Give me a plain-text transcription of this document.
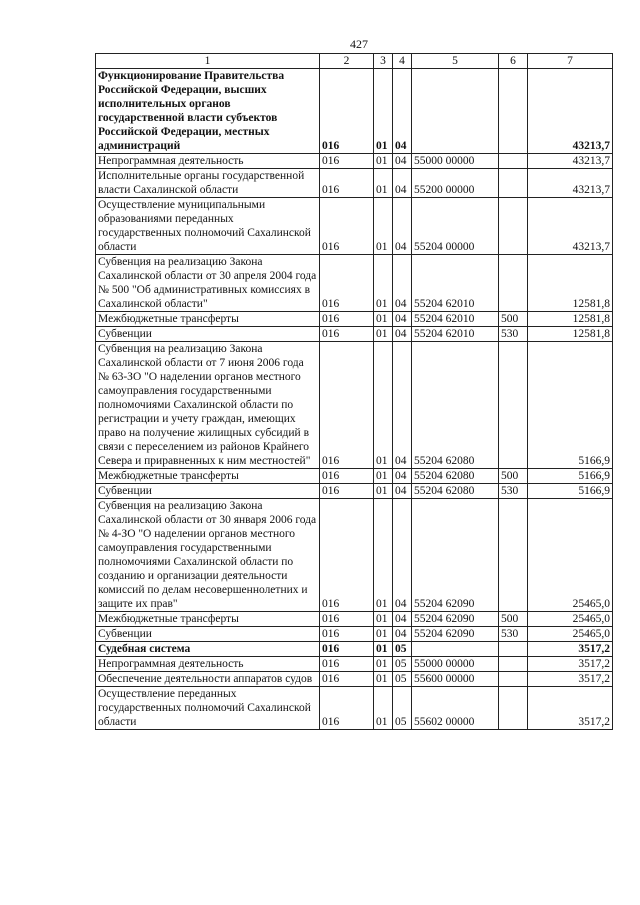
427
1	2	3	4	5	6	7
Функционирование Правительства Российской Федерации, высших исполнительных органов государственной власти субъектов Российской Федерации, местных администраций	016	01	04			43213,7
Непрограммная деятельность	016	01	04	55000 00000		43213,7
Исполнительные органы государственной власти Сахалинской области	016	01	04	55200 00000		43213,7
Осуществление муниципальными образованиями переданных государственных полномочий Сахалинской области	016	01	04	55204 00000		43213,7
Субвенция на реализацию Закона Сахалинской области от 30 апреля 2004 года № 500 "Об административных комиссиях в Сахалинской области"	016	01	04	55204 62010		12581,8
Межбюджетные трансферты	016	01	04	55204 62010	500	12581,8
Субвенции	016	01	04	55204 62010	530	12581,8
Субвенция на реализацию Закона Сахалинской области от 7 июня 2006 года № 63-ЗО "О наделении органов местного самоуправления государственными полномочиями Сахалинской области по регистрации и учету граждан, имеющих право на получение жилищных субсидий в связи с переселением из районов Крайнего Севера и приравненных к ним местностей"	016	01	04	55204 62080		5166,9
Межбюджетные трансферты	016	01	04	55204 62080	500	5166,9
Субвенции	016	01	04	55204 62080	530	5166,9
Субвенция на реализацию Закона Сахалинской области от 30 января 2006 года № 4-ЗО "О наделении органов местного самоуправления государственными полномочиями Сахалинской области по созданию и организации деятельности комиссий по делам несовершеннолетних и защите их прав"	016	01	04	55204 62090		25465,0
Межбюджетные трансферты	016	01	04	55204 62090	500	25465,0
Субвенции	016	01	04	55204 62090	530	25465,0
Судебная система	016	01	05			3517,2
Непрограммная деятельность	016	01	05	55000 00000		3517,2
Обеспечение деятельности аппаратов судов	016	01	05	55600 00000		3517,2
Осуществление переданных государственных полномочий Сахалинской области	016	01	05	55602 00000		3517,2
